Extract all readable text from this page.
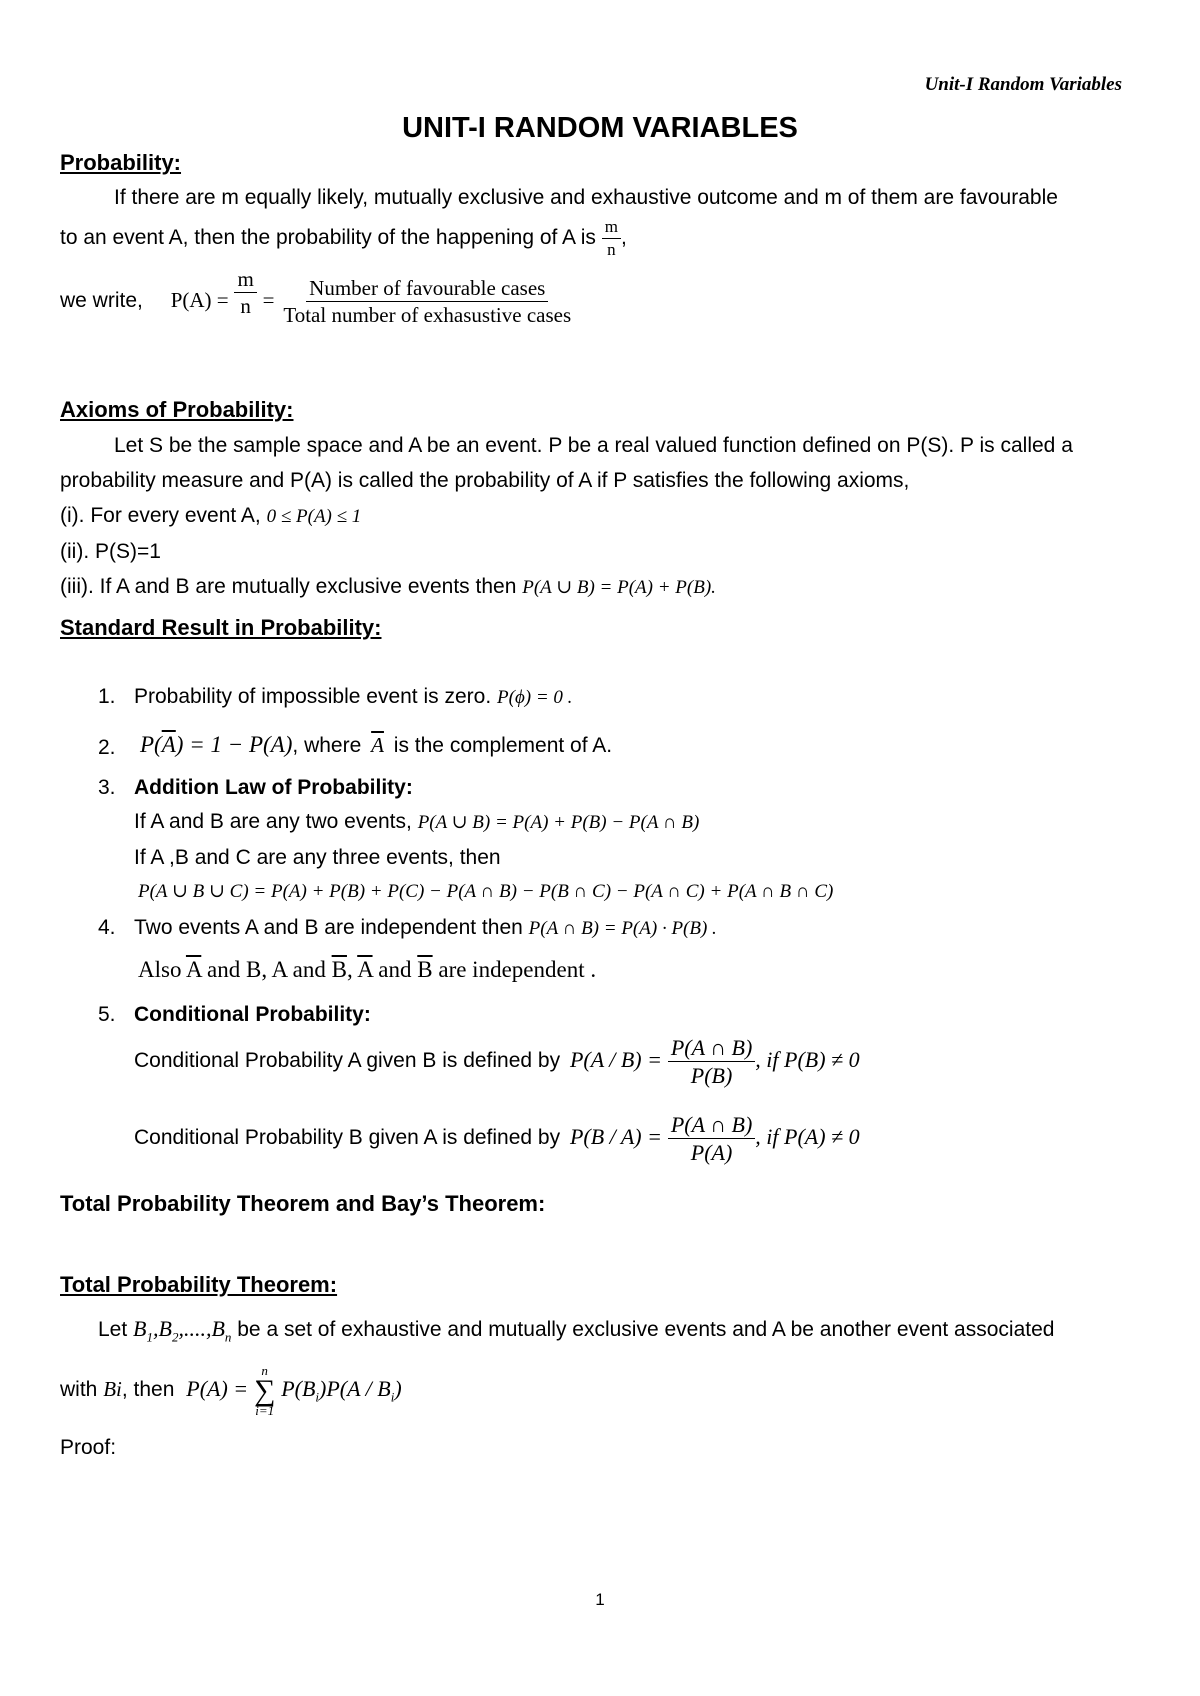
Unit-I Random Variables
UNIT-I RANDOM VARIABLES
Probability:
If there are m equally likely, mutually exclusive and exhaustive outcome and m of them are favourable
to an event A, then the probability of the happening of A is $\frac{m}{n}$ ,
we write, $P(A) = \frac{m}{n} = \frac{\text{Number of favourable cases}}{\text{Total number of exhasustive cases}}$
Axioms of Probability:
Let S be the sample space and A be an event. P be a real valued function defined on P(S). P is called a
probability measure and P(A) is called the probability of A if P satisfies the following axioms,
(i). For every event A, 0 ≤ P(A) ≤ 1
(ii). P(S)=1
(iii). If A and B are mutually exclusive events then P(A ∪ B) = P(A) + P(B).
Standard Result in Probability:
1. Probability of impossible event is zero. P(ϕ) = 0 .
2. $P(\overline{A}) = 1 - P(A)$, where $\overline{A}$ is the complement of A.
3. Addition Law of Probability:
If A and B are any two events, P(A ∪ B) = P(A) + P(B) − P(A ∩ B)
If A ,B and C are any three events, then
P(A ∪ B ∪ C) = P(A) + P(B) + P(C) − P(A ∩ B) − P(B ∩ C) − P(A ∩ C) + P(A ∩ B ∩ C)
4. Two events A and B are independent then P(A ∩ B) = P(A) · P(B) .
Also $\overline{A}$ and B, A and $\overline{B}$, $\overline{A}$ and $\overline{B}$ are independent .
5. Conditional Probability:
Conditional Probability A given B is defined by $P(A / B) = \frac{P(A \cap B)}{P(B)}$ , if P(B) ≠ 0
Conditional Probability B given A is defined by $P(B / A) = \frac{P(A \cap B)}{P(A)}$ , if P(A) ≠ 0
Total Probability Theorem and Bay’s Theorem:
Total Probability Theorem:
Let $B_1,B_2,....,B_n$ be a set of exhaustive and mutually exclusive events and A be another event associated
with Bi, then P(A) =
n
∑
i=1
$P(B_i)P(A / B_i)$
Proof:
1
